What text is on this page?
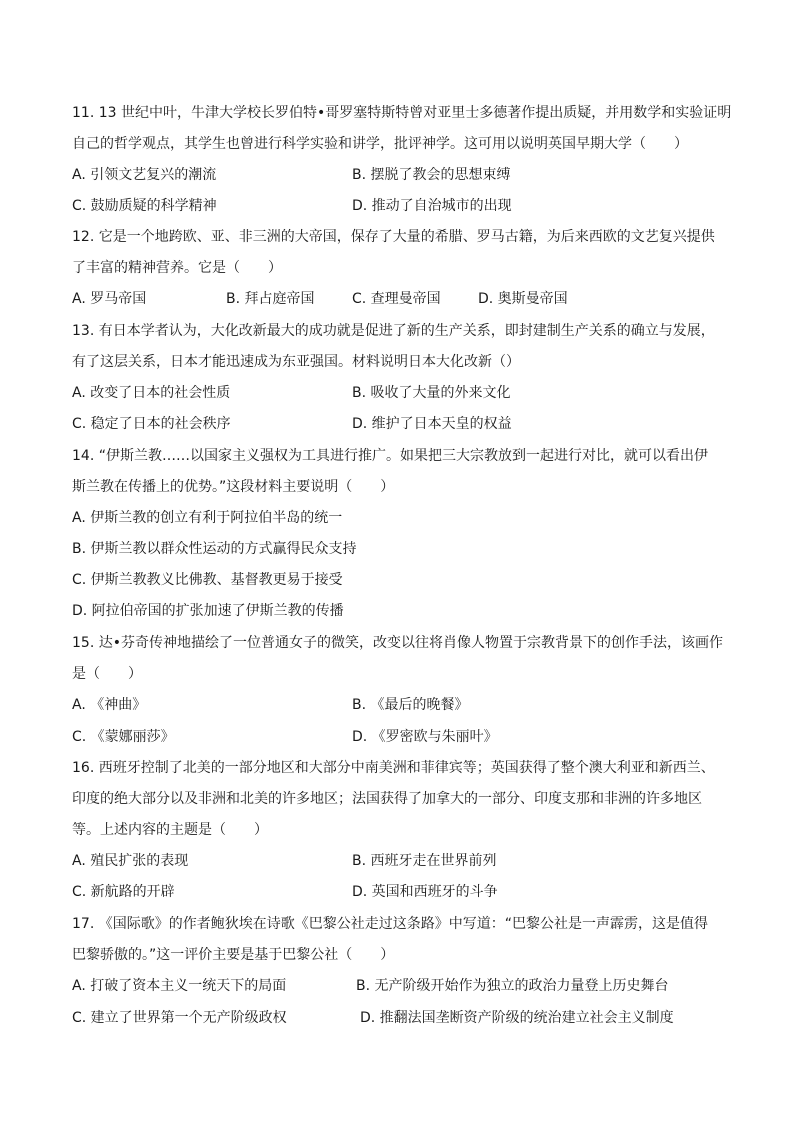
11. 13 世纪中叶，牛津大学校长罗伯特•哥罗塞特斯特曾对亚里士多德著作提出质疑，并用数学和实验证明
自己的哲学观点，其学生也曾进行科学实验和讲学，批评神学。这可用以说明英国早期大学（　　）
A. 引领文艺复兴的潮流	B. 摆脱了教会的思想束缚
C. 鼓励质疑的科学精神	D. 推动了自治城市的出现
12. 它是一个地跨欧、亚、非三洲的大帝国，保存了大量的希腊、罗马古籍，为后来西欧的文艺复兴提供
了丰富的精神营养。它是（　　）
A. 罗马帝国	B. 拜占庭帝国	C. 查理曼帝国	D. 奥斯曼帝国
13. 有日本学者认为，大化改新最大的成功就是促进了新的生产关系，即封建制生产关系的确立与发展，
有了这层关系，日本才能迅速成为东亚强国。材料说明日本大化改新（）
A. 改变了日本的社会性质	B. 吸收了大量的外来文化
C. 稳定了日本的社会秩序	D. 维护了日本天皇的权益
14. “伊斯兰教……以国家主义强权为工具进行推广。如果把三大宗教放到一起进行对比，就可以看出伊
斯兰教在传播上的优势。”这段材料主要说明（　　）
A. 伊斯兰教的创立有利于阿拉伯半岛的统一
B. 伊斯兰教以群众性运动的方式赢得民众支持
C. 伊斯兰教教义比佛教、基督教更易于接受
D. 阿拉伯帝国的扩张加速了伊斯兰教的传播
15. 达•芬奇传神地描绘了一位普通女子的微笑，改变以往将肖像人物置于宗教背景下的创作手法，该画作
是（　　）
A. 《神曲》	B. 《最后的晚餐》
C. 《蒙娜丽莎》	D. 《罗密欧与朱丽叶》
16. 西班牙控制了北美的一部分地区和大部分中南美洲和菲律宾等；英国获得了整个澳大利亚和新西兰、
印度的绝大部分以及非洲和北美的许多地区；法国获得了加拿大的一部分、印度支那和非洲的许多地区
等。上述内容的主题是（　　）
A. 殖民扩张的表现	B. 西班牙走在世界前列
C. 新航路的开辟	D. 英国和西班牙的斗争
17. 《国际歌》的作者鲍狄埃在诗歌《巴黎公社走过这条路》中写道：“巴黎公社是一声霹雳，这是值得
巴黎骄傲的。”这一评价主要是基于巴黎公社（　　）
A. 打破了资本主义一统天下的局面	B. 无产阶级开始作为独立的政治力量登上历史舞台
C. 建立了世界第一个无产阶级政权	D. 推翻法国垄断资产阶级的统治建立社会主义制度
